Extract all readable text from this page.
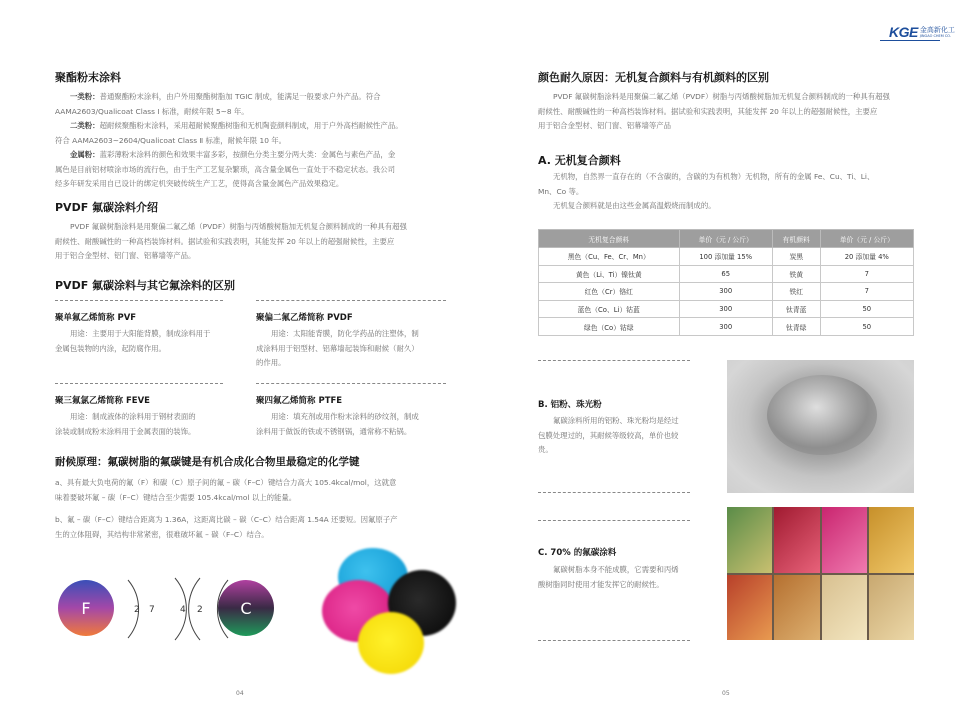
KGE 金高新化工
JINGAO CHEM CO.
聚酯粉末涂料
一类粉：普通聚酯粉末涂料，由户外用聚酯树脂加 TGIC 制成，能满足一般要求户外产品。符合
AAMA2603/Qualicoat Class Ⅰ 标准，耐候年限 5~8 年。
二类粉：超耐候聚酯粉末涂料，采用超耐候聚酯树脂和无机陶瓷颜料制成，用于户外高档耐候性产品。
符合 AAMA2603~2604/Qualicoat Class Ⅱ 标准，耐候年限 10 年。
金属粉：蓝彩薄粉末涂料的颜色和效果丰富多彩，按颜色分类主要分两大类：金属色与素色产品，金
属色是目前铝材喷涂市场的流行色，由于生产工艺复杂繁琐，高含量金属色一直处于不稳定状态。我公司
经多年研发采用自已设计的绑定机突破传统生产工艺，使得高含量金属色产品效果稳定。
PVDF 氟碳涂料介绍
PVDF 氟碳树脂涂料是用聚偏二氟乙烯（PVDF）树脂与丙烯酸树脂加无机复合颜料制成的一种具有超强
耐候性、耐酸碱性的一种高档装饰材料。据试验和实践表明，其能发挥 20 年以上的超强耐候性，主要应
用于铝合金型材、铝门窗、铝幕墙等产品。
PVDF 氟碳涂料与其它氟涂料的区别
聚单氟乙烯简称 PVF
用途：主要用于大阳能背膜，制成涂料用于
金属包装物的内涂，起防腐作用。
聚偏二氟乙烯简称 PVDF
用途：太阳能背膜，防化学药品的注塑体，制
成涂料用于铝型材、铝幕墙起装饰和耐候（耐久）
的作用。
聚三氟氯乙烯简称 FEVE
用途：制成液体的涂料用于钢材表面的
涂装或制成粉末涂料用于金属表面的装饰。
聚四氟乙烯简称 PTFE
用途：填充剂或用作粉末涂料的砂纹剂，制成
涂料用于做饭的铁或不锈钢锅，通常称不粘锅。
耐候原理：氟碳树脂的氟碳键是有机合成化合物里最稳定的化学键
a、具有最大负电荷的氟（F）和碳（C）原子间的氟 – 碳（F–C）键结合力高大 105.4kcal/mol，这就意
味着要破坏氟 – 碳（F–C）键结合至少需要 105.4kcal/mol 以上的能量。
b、氟 – 碳（F–C）键结合距离为 1.36A，这距离比碳 – 碳（C–C）结合距离 1.54A 还要短。因氟原子产
生的立体阻碍，其结构非常紧密，很难破坏氟 – 碳（F–C）结合。
F	C
2 7	4 2
04
颜色耐久原因：无机复合颜料与有机颜料的区别
PVDF 氟碳树脂涂料是用聚偏二氟乙烯（PVDF）树脂与丙烯酸树脂加无机复合颜料制成的一种具有超强
耐候性、耐酸碱性的一种高档装饰材料。据试验和实践表明，其能发挥 20 年以上的超强耐候性，主要应
用于铝合金型材、铝门窗、铝幕墙等产品
A. 无机复合颜料
无机物，自然界一直存在的（不含碳的，含碳的为有机物）无机物，所有的金属 Fe、Cu、Ti、Li、
Mn、Co 等。
无机复合颜料就是由这些金属高温煅烧而制成的。
无机复合颜料	单价（元 / 公斤）	有机颜料	单价（元 / 公斤）
黑色（Cu、Fe、Cr、Mn）	100 添加量 15%	炭黑	20 添加量 4%
黄色（Li、Ti）镍钛黄	65	铁黄	7
红色（Cr）铬红	300	铁红	7
蓝色（Co、Li）钴蓝	300	钛青蓝	50
绿色（Co）钴绿	300	钛青绿	50
B. 铝粉、珠光粉
氟碳涂料所用的铝粉、珠光粉均是经过
包膜处理过的，其耐候等级较高，单价也较
贵。
C. 70% 的氟碳涂料
氟碳树脂本身不能成膜，它需要和丙烯
酸树脂同时使用才能发挥它的耐候性。
05
